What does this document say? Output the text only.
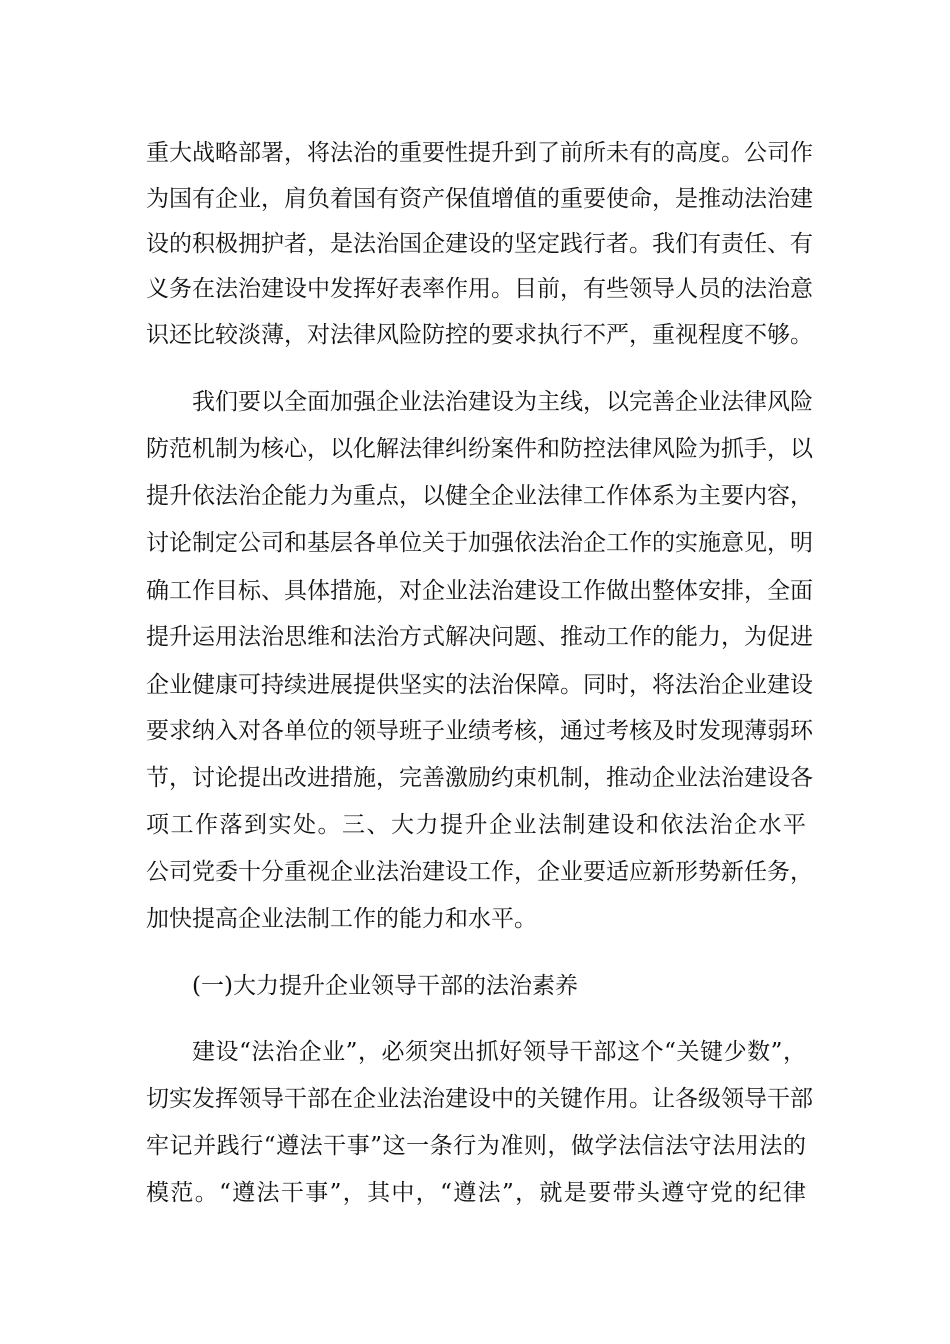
重大战略部署，将法治的重要性提升到了前所未有的高度。公司作
为国有企业，肩负着国有资产保值增值的重要使命，是推动法治建
设的积极拥护者，是法治国企建设的坚定践行者。我们有责任、有
义务在法治建设中发挥好表率作用。目前，有些领导人员的法治意
识还比较淡薄，对法律风险防控的要求执行不严，重视程度不够。
我们要以全面加强企业法治建设为主线，以完善企业法律风险
防范机制为核心，以化解法律纠纷案件和防控法律风险为抓手，以
提升依法治企能力为重点，以健全企业法律工作体系为主要内容，
讨论制定公司和基层各单位关于加强依法治企工作的实施意见，明
确工作目标、具体措施，对企业法治建设工作做出整体安排，全面
提升运用法治思维和法治方式解决问题、推动工作的能力，为促进
企业健康可持续进展提供坚实的法治保障。同时，将法治企业建设
要求纳入对各单位的领导班子业绩考核，通过考核及时发现薄弱环
节，讨论提出改进措施，完善激励约束机制，推动企业法治建设各
项工作落到实处。三、大力提升企业法制建设和依法治企水平
公司党委十分重视企业法治建设工作，企业要适应新形势新任务，
加快提高企业法制工作的能力和水平。
(一)大力提升企业领导干部的法治素养
建设“法治企业”，必须突出抓好领导干部这个“关键少数”，
切实发挥领导干部在企业法治建设中的关键作用。让各级领导干部
牢记并践行“遵法干事”这一条行为准则，做学法信法守法用法的
模范。“遵法干事”，其中，“遵法”，就是要带头遵守党的纪律
